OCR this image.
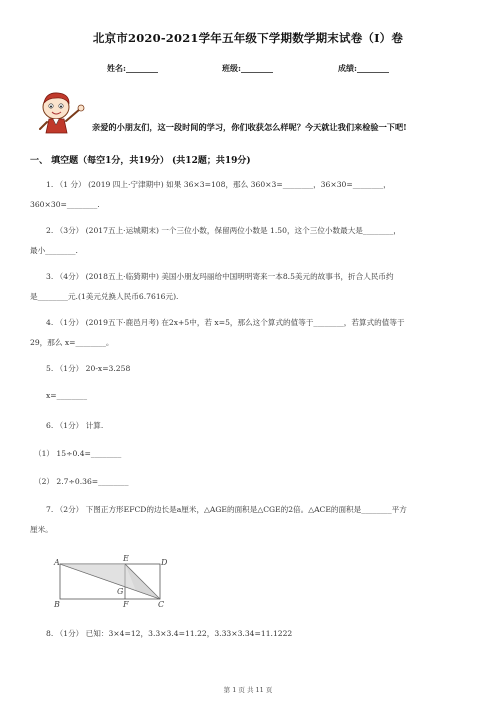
北京市2020-2021学年五年级下学期数学期末试卷（I）卷
姓名:________	班级:________	成绩:________
亲爱的小朋友们，这一段时间的学习，你们收获怎么样呢？今天就让我们来检验一下吧!
一、 填空题（每空1分，共19分） (共12题；共19分)
1. （1 分） (2019 四上·宁津期中) 如果 36×3=108，那么 360×3=________，36×30=________，
360×30=________.
2. （3分） (2017五上·运城期末) 一个三位小数，保留两位小数是 1.50，这个三位小数最大是________，
最小________.
3. （4分） (2018五上·临猗期中) 美国小朋友玛丽给中国明明寄来一本8.5美元的故事书，折合人民币约
是________元.(1美元兑换人民币6.7616元).
4. （1分） (2019五下·鹿邑月考) 在2x+5中，若 x=5，那么这个算式的值等于________，若算式的值等于
29，那么 x=________。
5. （1分） 20-x=3.258
x=________
6. （1分） 计算.
（1） 15÷0.4=________
（2） 2.7÷0.36=________
7. （2分） 下图正方形EFCD的边长是a厘米，△AGE的面积是△CGE的2倍。△ACE的面积是________平方
厘米。
A	E	D
B
G
F	C
8. （1分） 已知：3×4=12，3.3×3.4=11.22，3.33×3.34=11.1222
第 1 页 共 11 页
